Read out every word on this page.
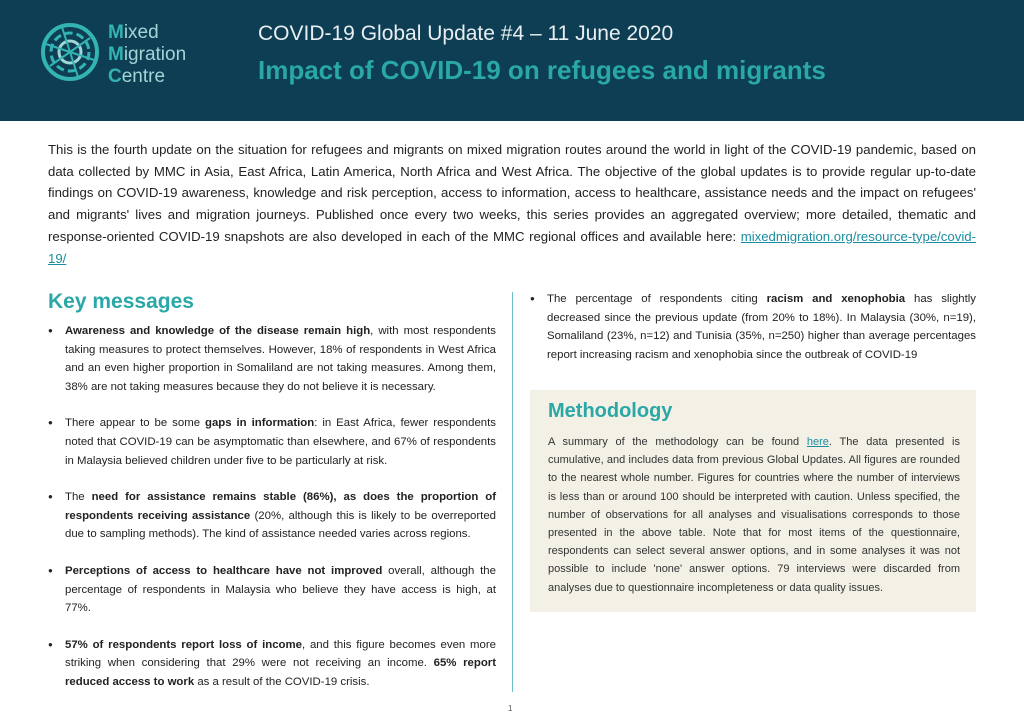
Mixed
Migration
Centre
COVID-19 Global Update #4 – 11 June 2020
Impact of COVID-19 on refugees and migrants
This is the fourth update on the situation for refugees and migrants on mixed migration routes around the world in light of the COVID-19 pandemic, based on data collected by MMC in Asia, East Africa, Latin America, North Africa and West Africa. The objective of the global updates is to provide regular up-to-date findings on COVID-19 awareness, knowledge and risk perception, access to information, access to healthcare, assistance needs and the impact on refugees' and migrants' lives and migration journeys. Published once every two weeks, this series provides an aggregated overview; more detailed, thematic and response-oriented COVID-19 snapshots are also developed in each of the MMC regional offices and available here: mixedmigration.org/resource-type/covid-19/
Key messages
● Awareness and knowledge of the disease remain high, with most respondents taking measures to protect themselves. However, 18% of respondents in West Africa and an even higher proportion in Somaliland are not taking measures. Among them, 38% are not taking measures because they do not believe it is necessary.
● There appear to be some gaps in information: in East Africa, fewer respondents noted that COVID-19 can be asymptomatic than elsewhere, and 67% of respondents in Malaysia believed children under five to be particularly at risk.
● The need for assistance remains stable (86%), as does the proportion of respondents receiving assistance (20%, although this is likely to be overreported due to sampling methods). The kind of assistance needed varies across regions.
● Perceptions of access to healthcare have not improved overall, although the percentage of respondents in Malaysia who believe they have access is high, at 77%.
● 57% of respondents report loss of income, and this figure becomes even more striking when considering that 29% were not receiving an income. 65% report reduced access to work as a result of the COVID-19 crisis.
● The percentage of respondents citing racism and xenophobia has slightly decreased since the previous update (from 20% to 18%). In Malaysia (30%, n=19), Somaliland (23%, n=12) and Tunisia (35%, n=250) higher than average percentages report increasing racism and xenophobia since the outbreak of COVID-19
Methodology
A summary of the methodology can be found here. The data presented is cumulative, and includes data from previous Global Updates. All figures are rounded to the nearest whole number. Figures for countries where the number of interviews is less than or around 100 should be interpreted with caution. Unless specified, the number of observations for all analyses and visualisations corresponds to those presented in the above table. Note that for most items of the questionnaire, respondents can select several answer options, and in some analyses it was not possible to include 'none' answer options. 79 interviews were discarded from analyses due to questionnaire incompleteness or data quality issues.
1
